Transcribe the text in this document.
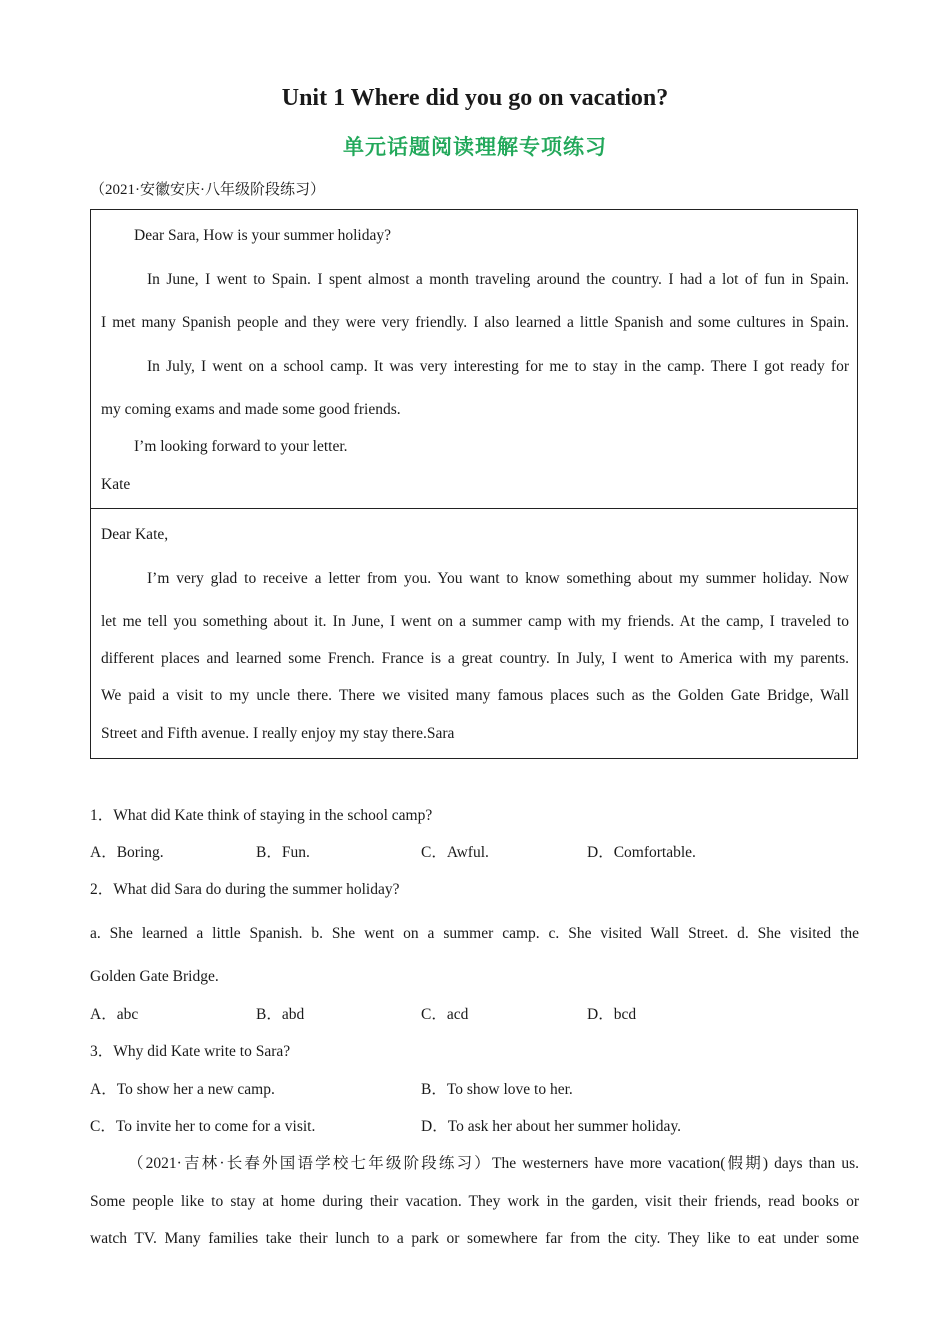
Unit 1 Where did you go on vacation?
单元话题阅读理解专项练习
（2021·安徽安庆·八年级阶段练习）
Dear Sara, How is your summer holiday?
In June, I went to Spain. I spent almost a month traveling around the country. I had a lot of fun in Spain.
I met many Spanish people and they were very friendly. I also learned a little Spanish and some cultures in Spain.
In July, I went on a school camp. It was very interesting for me to stay in the camp. There I got ready for
my coming exams and made some good friends.
I’m looking forward to your letter.
Kate
Dear Kate,
I’m very glad to receive a letter from you. You want to know something about my summer holiday. Now
let me tell you something about it. In June, I went on a summer camp with my friends. At the camp, I traveled to
different places and learned some French. France is a great country. In July, I went to America with my parents.
We paid a visit to my uncle there. There we visited many famous places such as the Golden Gate Bridge, Wall
Street and Fifth avenue. I really enjoy my stay there.Sara
1．What did Kate think of staying in the school camp?
A．Boring.	B．Fun.	C．Awful.	D．Comfortable.
2．What did Sara do during the summer holiday?
a. She learned a little Spanish. b. She went on a summer camp. c. She visited Wall Street. d. She visited the
Golden Gate Bridge.
A．abc	B．abd	C．acd	D．bcd
3．Why did Kate write to Sara?
A．To show her a new camp.	B．To show love to her.
C．To invite her to come for a visit.	D．To ask her about her summer holiday.
（2021·吉林·长春外国语学校七年级阶段练习）The westerners have more vacation(假期) days than us.
Some people like to stay at home during their vacation. They work in the garden, visit their friends, read books or
watch TV. Many families take their lunch to a park or somewhere far from the city. They like to eat under some
